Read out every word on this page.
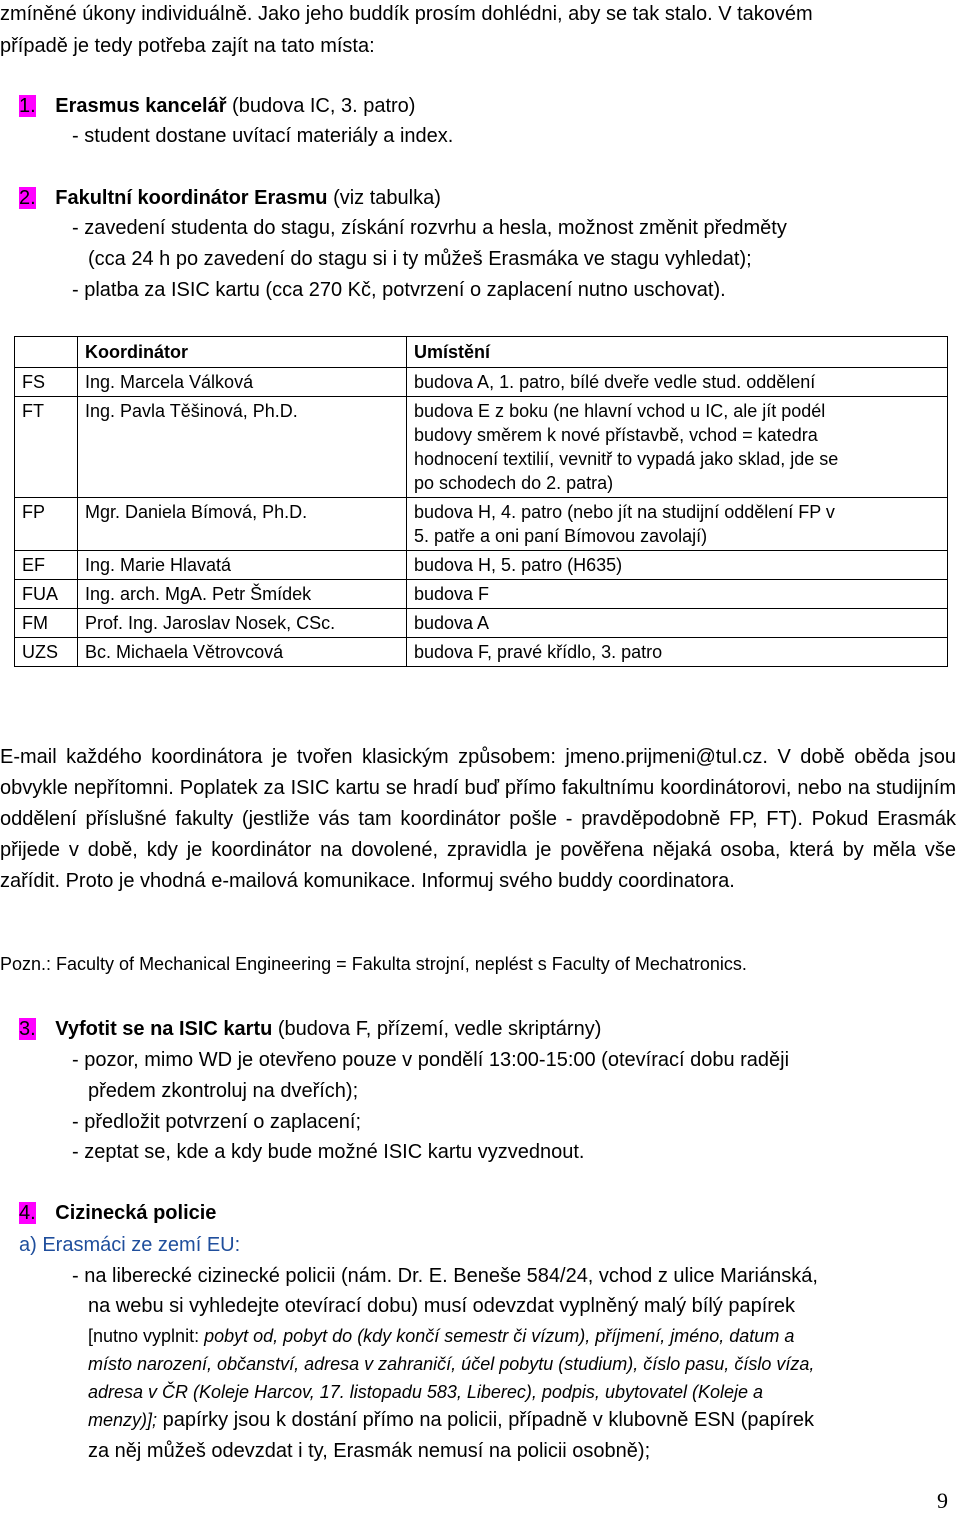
zmíněné úkony individuálně. Jako jeho buddík prosím dohlédni, aby se tak stalo. V takovém
případě je tedy potřeba zajít na tato místa:
1. Erasmus kancelář (budova IC, 3. patro)
- student dostane uvítací materiály a index.
2. Fakultní koordinátor Erasmu (viz tabulka)
- zavedení studenta do stagu, získání rozvrhu a hesla, možnost změnit předměty
(cca 24 h po zavedení do stagu si i ty můžeš Erasmáka ve stagu vyhledat);
- platba za ISIC kartu (cca 270 Kč, potvrzení o zaplacení nutno uschovat).
	Koordinátor	Umístění
FS	Ing. Marcela Válková	budova A, 1. patro, bílé dveře vedle stud. oddělení
FT	Ing. Pavla Těšinová, Ph.D.	budova E z boku (ne hlavní vchod u IC, ale jít podél
budovy směrem k nové přístavbě, vchod = katedra
hodnocení textilií, vevnitř to vypadá jako sklad, jde se
po schodech do 2. patra)
FP	Mgr. Daniela Bímová, Ph.D.	budova H, 4. patro (nebo jít na studijní oddělení FP v
5. patře a oni paní Bímovou zavolají)
EF	Ing. Marie Hlavatá	budova H, 5. patro (H635)
FUA	Ing. arch. MgA. Petr Šmídek	budova F
FM	Prof. Ing. Jaroslav Nosek, CSc.	budova A
UZS	Bc. Michaela Větrovcová	budova F, pravé křídlo, 3. patro
E-mail každého koordinátora je tvořen klasickým způsobem: jmeno.prijmeni@tul.cz. V době oběda jsou obvykle nepřítomni. Poplatek za ISIC kartu se hradí buď přímo fakultnímu koordinátorovi, nebo na studijním oddělení příslušné fakulty (jestliže vás tam koordinátor pošle - pravděpodobně FP, FT). Pokud Erasmák přijede v době, kdy je koordinátor na dovolené, zpravidla je pověřena nějaká osoba, která by měla vše zařídit. Proto je vhodná e-mailová komunikace. Informuj svého buddy coordinatora.
Pozn.: Faculty of Mechanical Engineering = Fakulta strojní, neplést s Faculty of Mechatronics.
3. Vyfotit se na ISIC kartu (budova F, přízemí, vedle skriptárny)
- pozor, mimo WD je otevřeno pouze v pondělí 13:00-15:00 (otevírací dobu raději
předem zkontroluj na dveřích);
- předložit potvrzení o zaplacení;
- zeptat se, kde a kdy bude možné ISIC kartu vyzvednout.
4. Cizinecká policie
a) Erasmáci ze zemí EU:
- na liberecké cizinecké policii (nám. Dr. E. Beneše 584/24, vchod z ulice Mariánská,
na webu si vyhledejte otevírací dobu) musí odevzdat vyplněný malý bílý papírek
[nutno vyplnit: pobyt od, pobyt do (kdy končí semestr či vízum), příjmení, jméno, datum a
místo narození, občanství, adresa v zahraničí, účel pobytu (studium), číslo pasu, číslo víza,
adresa v ČR (Koleje Harcov, 17. listopadu 583, Liberec), podpis, ubytovatel (Koleje a
menzy)]; papírky jsou k dostání přímo na policii, případně v klubovně ESN (papírek
za něj můžeš odevzdat i ty, Erasmák nemusí na policii osobně);
9
